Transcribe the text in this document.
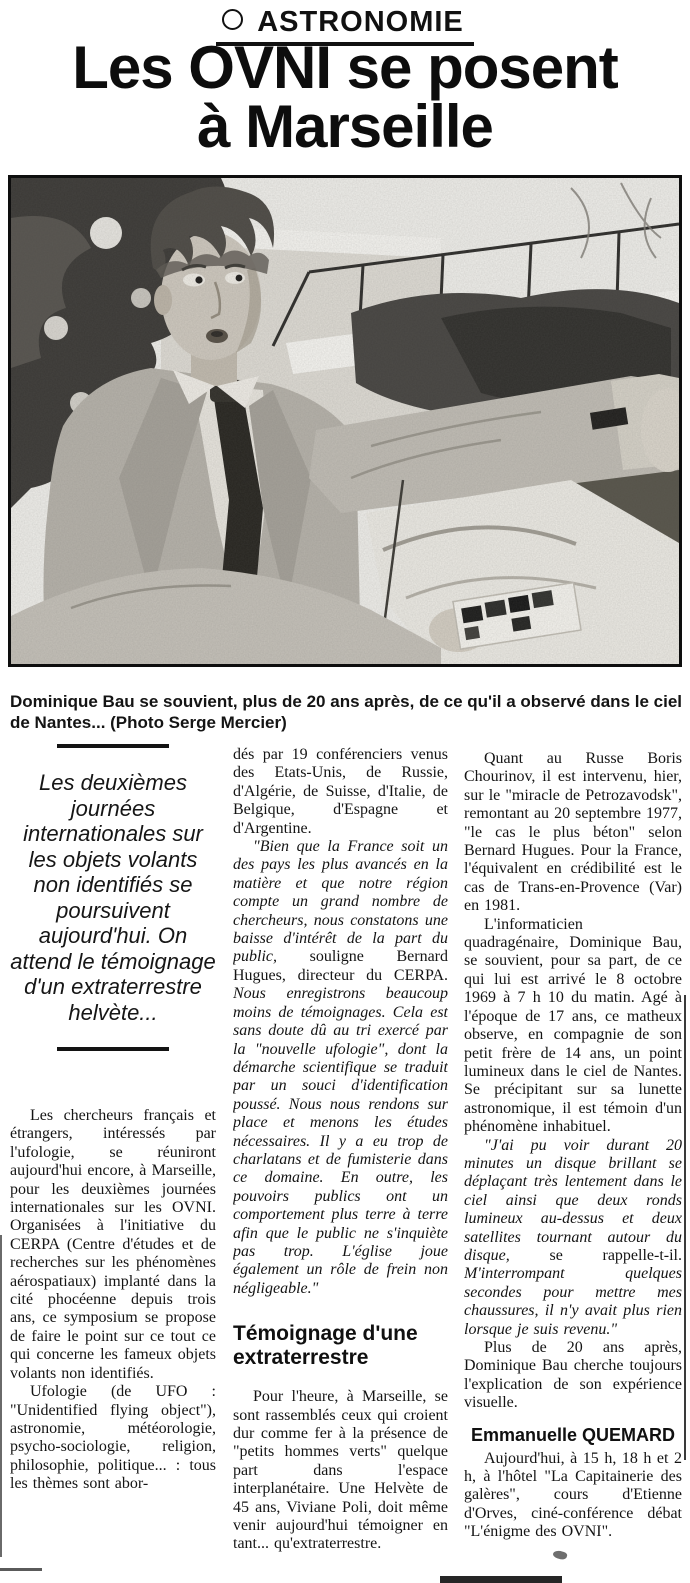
ASTRONOMIE
Les OVNI se posent
à Marseille

Dominique Bau se souvient, plus de 20 ans après, de ce qu'il a observé dans le ciel de Nantes... (Photo Serge Mercier)

Les deuxièmes journées internationales sur les objets volants non identifiés se poursuivent aujourd'hui. On attend le témoignage d'un extraterrestre helvète...

Les chercheurs français et étrangers, intéressés par l'ufologie, se réuniront aujourd'hui encore, à Marseille, pour les deuxièmes journées internationales sur les OVNI. Organisées à l'initiative du CERPA (Centre d'études et de recherches sur les phénomènes aérospatiaux) implanté dans la cité phocéenne depuis trois ans, ce symposium se propose de faire le point sur ce tout ce qui concerne les fameux objets volants non identifiés.

Ufologie (de UFO : "Unidentified flying object"), astronomie, météorologie, psycho-sociologie, religion, philosophie, politique... : tous les thèmes sont abor-

dés par 19 conférenciers venus des Etats-Unis, de Russie, d'Algérie, de Suisse, d'Italie, de Belgique, d'Espagne et d'Argentine.

"Bien que la France soit un des pays les plus avancés en la matière et que notre région compte un grand nombre de chercheurs, nous constatons une baisse d'intérêt de la part du public, souligne Bernard Hugues, directeur du CERPA. Nous enregistrons beaucoup moins de témoignages. Cela est sans doute dû au tri exercé par la "nouvelle ufologie", dont la démarche scientifique se traduit par un souci d'identification poussé. Nous nous rendons sur place et menons les études nécessaires. Il y a eu trop de charlatans et de fumisterie dans ce domaine. En outre, les pouvoirs publics ont un comportement plus terre à terre afin que le public ne s'inquiète pas trop. L'église joue également un rôle de frein non négligeable."

Témoignage d'une extraterrestre

Pour l'heure, à Marseille, se sont rassemblés ceux qui croient dur comme fer à la présence de "petits hommes verts" quelque part dans l'espace interplanétaire. Une Helvète de 45 ans, Viviane Poli, doit même venir aujourd'hui témoigner en tant... qu'extraterrestre.

Quant au Russe Boris Chourinov, il est intervenu, hier, sur le "miracle de Petrozavodsk", remontant au 20 septembre 1977, "le cas le plus béton" selon Bernard Hugues. Pour la France, l'équivalent en crédibilité est le cas de Trans-en-Provence (Var) en 1981.

L'informaticien quadragénaire, Dominique Bau, se souvient, pour sa part, de ce qui lui est arrivé le 8 octobre 1969 à 7 h 10 du matin. Agé à l'époque de 17 ans, ce matheux observe, en compagnie de son petit frère de 14 ans, un point lumineux dans le ciel de Nantes. Se précipitant sur sa lunette astronomique, il est témoin d'un phénomène inhabituel.

"J'ai pu voir durant 20 minutes un disque brillant se déplaçant très lentement dans le ciel ainsi que deux ronds lumineux au-dessus et deux satellites tournant autour du disque, se rappelle-t-il. M'interrompant quelques secondes pour mettre mes chaussures, il n'y avait plus rien lorsque je suis revenu."

Plus de 20 ans après, Dominique Bau cherche toujours l'explication de son expérience visuelle.

Emmanuelle QUEMARD

Aujourd'hui, à 15 h, 18 h et 2 h, à l'hôtel "La Capitainerie des galères", cours d'Etienne d'Orves, ciné-conférence débat "L'énigme des OVNI".
